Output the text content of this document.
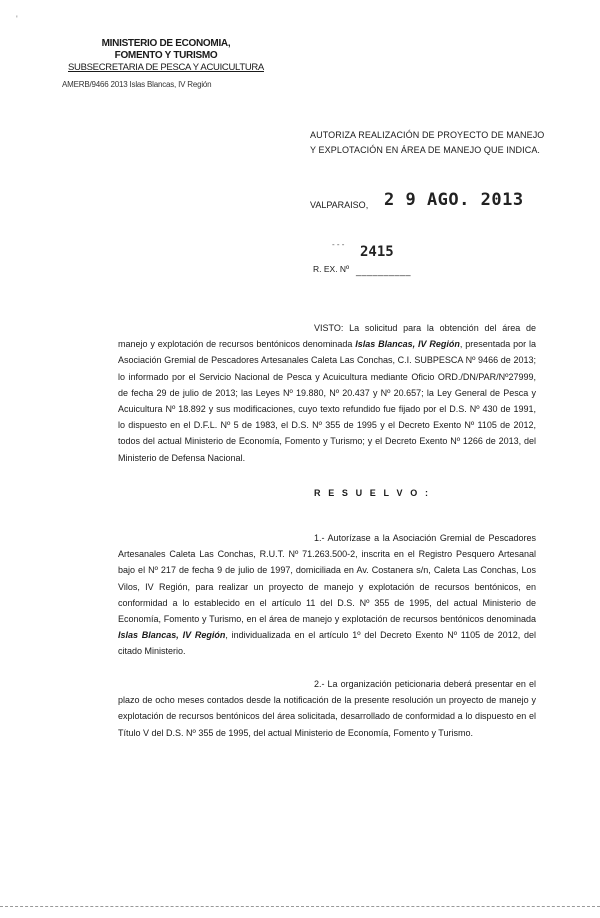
'

MINISTERIO DE ECONOMIA,

FOMENTO Y TURISMO

SUBSECRETARIA DE PESCA Y ACUICULTURA

AMERB/9466 2013 Islas Blancas, IV Región
AUTORIZA REALIZACIÓN DE PROYECTO DE MANEJO
Y EXPLOTACIÓN EN ÁREA DE MANEJO QUE INDICA.
VALPARAISO, 2 9 AGO. 2013
- - - 2415
R. EX. Nº __________

VISTO: La solicitud para la obtención del área de manejo y explotación de recursos bentónicos denominada Islas Blancas, IV Región, presentada por la Asociación Gremial de Pescadores Artesanales Caleta Las Conchas, C.I. SUBPESCA Nº 9466 de 2013; lo informado por el Servicio Nacional de Pesca y Acuicultura mediante Oficio ORD./DN/PAR/Nº27999, de fecha 29 de julio de 2013; las Leyes Nº 19.880, Nº 20.437 y Nº 20.657; la Ley General de Pesca y Acuicultura Nº 18.892 y sus modificaciones, cuyo texto refundido fue fijado por el D.S. Nº 430 de 1991, lo dispuesto en el D.F.L. Nº 5 de 1983, el D.S. Nº 355 de 1995 y el Decreto Exento Nº 1105 de 2012, todos del actual Ministerio de Economía, Fomento y Turismo; y el Decreto Exento Nº 1266 de 2013, del Ministerio de Defensa Nacional.

R E S U E L V O :

1.- Autorízase a la Asociación Gremial de Pescadores Artesanales Caleta Las Conchas, R.U.T. Nº 71.263.500-2, inscrita en el Registro Pesquero Artesanal bajo el Nº 217 de fecha 9 de julio de 1997, domiciliada en Av. Costanera s/n, Caleta Las Conchas, Los Vilos, IV Región, para realizar un proyecto de manejo y explotación de recursos bentónicos, en conformidad a lo establecido en el artículo 11 del D.S. Nº 355 de 1995, del actual Ministerio de Economía, Fomento y Turismo, en el área de manejo y explotación de recursos bentónicos denominada Islas Blancas, IV Región, individualizada en el artículo 1º del Decreto Exento Nº 1105 de 2012, del citado Ministerio.

2.- La organización peticionaria deberá presentar en el plazo de ocho meses contados desde la notificación de la presente resolución un proyecto de manejo y explotación de recursos bentónicos del área solicitada, desarrollado de conformidad a lo dispuesto en el Título V del D.S. Nº 355 de 1995, del actual Ministerio de Economía, Fomento y Turismo.
